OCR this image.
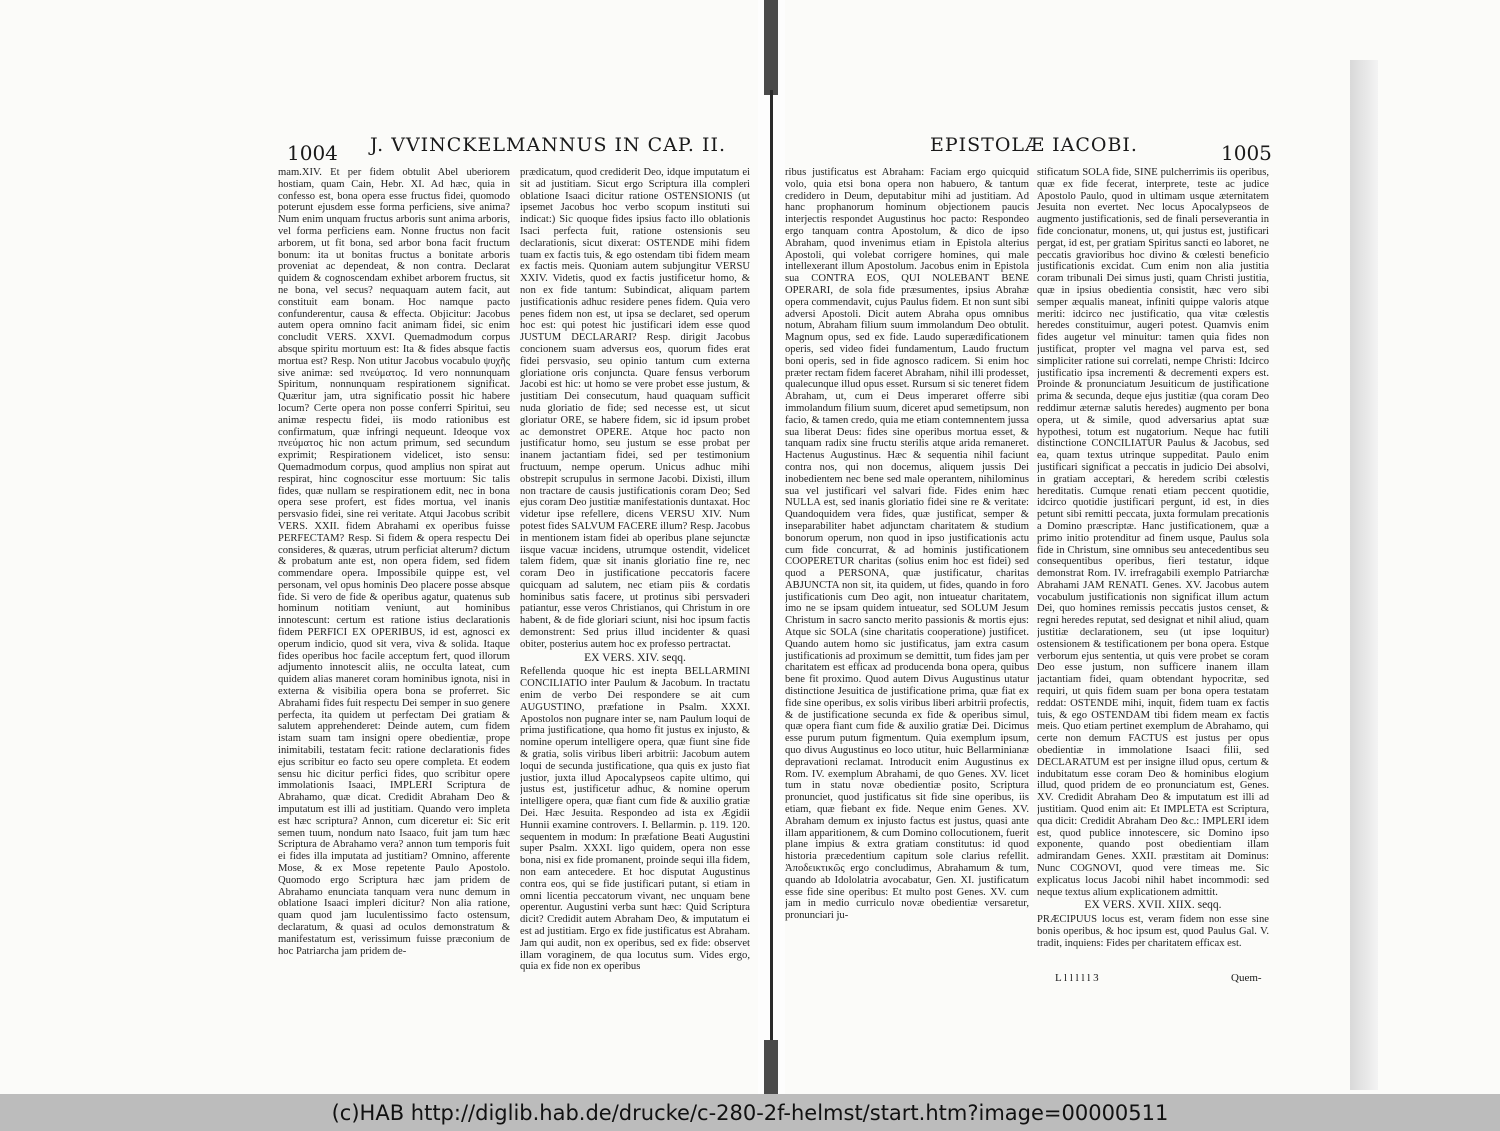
1004 J. VVINCKELMANNUS IN CAP. II.

mam.XIV. Et per fidem obtulit Abel uberiorem hostiam, quam Cain, Hebr. XI. Ad hæc, quia in confesso est, bona opera esse fructus fidei, quomodo poterunt ejusdem esse forma perficiens, sive anima? Num enim unquam fructus arboris sunt anima arboris, vel forma perficiens eam. Nonne fructus non facit arborem, ut fit bona, sed arbor bona facit fructum bonum: ita ut bonitas fructus a bonitate arboris proveniat ac dependeat, & non contra. Declarat quidem & cognoscendam exhibet arborem fructus, sit ne bona, vel secus? nequaquam autem facit, aut constituit eam bonam. Hoc namque pacto confunderentur, causa & effecta. Objicitur: Jacobus autem opera omnino facit animam fidei, sic enim concludit VERS. XXVI. Quemadmodum corpus absque spiritu mortuum est: Ita & fides absque factis mortua est? Resp. Non utitur Jacobus vocabulo ψυχῆς sive animæ: sed πνεύματος. Id vero nonnunquam Spiritum, nonnunquam respirationem significat. Quæritur jam, utra significatio possit hic habere locum? Certe opera non posse conferri Spiritui, seu animæ respectu fidei, iis modo rationibus est confirmatum, quæ infringi nequeunt. Ideoque vox πνεύματος hic non actum primum, sed secundum exprimit; Respirationem videlicet, isto sensu: Quemadmodum corpus, quod amplius non spirat aut respirat, hinc cognoscitur esse mortuum: Sic talis fides, quæ nullam se respirationem edit, nec in bona opera sese profert, est fides mortua, vel inanis persvasio fidei, sine rei veritate. Atqui Jacobus scribit VERS. XXII. fidem Abrahami ex operibus fuisse PERFECTAM? Resp. Si fidem & opera respectu Dei consideres, & quæras, utrum perficiat alterum? dictum & probatum ante est, non opera fidem, sed fidem commendare opera. Impossibile quippe est, vel personam, vel opus hominis Deo placere posse absque fide. Si vero de fide & operibus agatur, quatenus sub hominum notitiam veniunt, aut hominibus innotescunt: certum est ratione istius declarationis fidem PERFICI EX OPERIBUS, id est, agnosci ex operum indicio, quod sit vera, viva & solida. Itaque fides operibus hoc facile acceptum fert, quod illorum adjumento innotescit aliis, ne occulta lateat, cum quidem alias maneret coram hominibus ignota, nisi in externa & visibilia opera bona se proferret. Sic Abrahami fides fuit respectu Dei semper in suo genere perfecta, ita quidem ut perfectam Dei gratiam & salutem apprehenderet: Deinde autem, cum fidem istam suam tam insigni opere obedientiæ, prope inimitabili, testatam fecit: ratione declarationis fides ejus scribitur eo facto seu opere completa. Et eodem sensu hic dicitur perfici fides, quo scribitur opere immolationis Isaaci, IMPLERI Scriptura de Abrahamo, quæ dicat. Credidit Abraham Deo & imputatum est illi ad justitiam. Quando vero impleta est hæc scriptura? Annon, cum diceretur ei: Sic erit semen tuum, nondum nato Isaaco, fuit jam tum hæc Scriptura de Abrahamo vera? annon tum temporis fuit ei fides illa imputata ad justitiam? Omnino, afferente Mose, & ex Mose repetente Paulo Apostolo. Quomodo ergo Scriptura hæc jam pridem de Abrahamo enunciata tanquam vera nunc demum in oblatione Isaaci impleri dicitur? Non alia ratione, quam quod jam luculentissimo facto ostensum, declaratum, & quasi ad oculos demonstratum & manifestatum est, verissimum fuisse præconium de hoc Patriarcha jam pridem de-

prædicatum, quod crediderit Deo, idque imputatum ei sit ad justitiam. Sicut ergo Scriptura illa compleri oblatione Isaaci dicitur ratione OSTENSIONIS (ut ipsemet Jacobus hoc verbo scopum instituti sui indicat:) Sic quoque fides ipsius facto illo oblationis Isaci perfecta fuit, ratione ostensionis seu declarationis, sicut dixerat: OSTENDE mihi fidem tuam ex factis tuis, & ego ostendam tibi fidem meam ex factis meis. Quoniam autem subjungitur VERSU XXIV. Videtis, quod ex factis justificetur homo, & non ex fide tantum: Subindicat, aliquam partem justificationis adhuc residere penes fidem. Quia vero penes fidem non est, ut ipsa se declaret, sed operum hoc est: qui potest hic justificari idem esse quod JUSTUM DECLARARI? Resp. dirigit Jacobus concionem suam adversus eos, quorum fides erat fidei persvasio, seu opinio tantum cum externa gloriatione oris conjuncta. Quare fensus verborum Jacobi est hic: ut homo se vere probet esse justum, & justitiam Dei consecutum, haud quaquam sufficit nuda gloriatio de fide; sed necesse est, ut sicut gloriatur ORE, se habere fidem, sic id ipsum probet ac demonstret OPERE. Atque hoc pacto non justificatur homo, seu justum se esse probat per inanem jactantiam fidei, sed per testimonium fructuum, nempe operum. Unicus adhuc mihi obstrepit scrupulus in sermone Jacobi. Dixisti, illum non tractare de causis justificationis coram Deo; Sed ejus coram Deo justitiæ manifestationis duntaxat. Hoc videtur ipse refellere, dicens VERSU XIV. Num potest fides SALVUM FACERE illum? Resp. Jacobus in mentionem istam fidei ab operibus plane sejunctæ iisque vacuæ incidens, utrumque ostendit, videlicet talem fidem, quæ sit inanis gloriatio fine re, nec coram Deo in justificatione peccatoris facere quicquam ad salutem, nec etiam piis & cordatis hominibus satis facere, ut protinus sibi persvaderi patiantur, esse veros Christianos, qui Christum in ore habent, & de fide gloriari sciunt, nisi hoc ipsum factis demonstrent: Sed prius illud incidenter & quasi obiter, posterius autem hoc ex professo pertractat.

EX VERS. XIV. seqq.

Refellenda quoque hic est inepta BELLARMINI CONCILIATIO inter Paulum & Jacobum. In tractatu enim de verbo Dei respondere se ait cum AUGUSTINO, præfatione in Psalm. XXXI. Apostolos non pugnare inter se, nam Paulum loqui de prima justificatione, qua homo fit justus ex injusto, & nomine operum intelligere opera, quæ fiunt sine fide & gratia, solis viribus liberi arbitrii: Jacobum autem loqui de secunda justificatione, qua quis ex justo fiat justior, juxta illud Apocalypseos capite ultimo, qui justus est, justificetur adhuc, & nomine operum intelligere opera, quæ fiant cum fide & auxilio gratiæ Dei. Hæc Jesuita. Respondeo ad ista ex Ægidii Hunnii examine controvers. I. Bellarmin. p. 119. 120. sequentem in modum: In præfatione Beati Augustini super Psalm. XXXI. ligo quidem, opera non esse bona, nisi ex fide promanent, proinde sequi illa fidem, non eam antecedere. Et hoc disputat Augustinus contra eos, qui se fide justificari putant, si etiam in omni licentia peccatorum vivant, nec unquam bene operentur. Augustini verba sunt hæc: Quid Scriptura dicit? Credidit autem Abraham Deo, & imputatum ei est ad justitiam. Ergo ex fide justificatus est Abraham. Jam qui audit, non ex operibus, sed ex fide: observet illam voraginem, de qua locutus sum. Vides ergo, quia ex fide non ex operibus

EPISTOLÆ IACOBI.	1005

ribus justificatus est Abraham: Faciam ergo quicquid volo, quia etsi bona opera non habuero, & tantum credidero in Deum, deputabitur mihi ad justitiam. Ad hanc prophanorum hominum objectionem paucis interjectis respondet Augustinus hoc pacto: Respondeo ergo tanquam contra Apostolum, & dico de ipso Abraham, quod invenimus etiam in Epistola alterius Apostoli, qui volebat corrigere homines, qui male intellexerant illum Apostolum. Jacobus enim in Epistola sua CONTRA EOS, QUI NOLEBANT BENE OPERARI, de sola fide præsumentes, ipsius Abrahæ opera commendavit, cujus Paulus fidem. Et non sunt sibi adversi Apostoli. Dicit autem Abraha opus omnibus notum, Abraham filium suum immolandum Deo obtulit. Magnum opus, sed ex fide. Laudo superædificationem operis, sed video fidei fundamentum, Laudo fructum boni operis, sed in fide agnosco radicem. Si enim hoc præter rectam fidem faceret Abraham, nihil illi prodesset, qualecunque illud opus esset. Rursum si sic teneret fidem Abraham, ut, cum ei Deus imperaret offerre sibi immolandum filium suum, diceret apud semetipsum, non facio, & tamen credo, quia me etiam contemnentem jussa sua liberat Deus: fides sine operibus mortua esset, & tanquam radix sine fructu sterilis atque arida remaneret. Hactenus Augustinus. Hæc & sequentia nihil faciunt contra nos, qui non docemus, aliquem jussis Dei inobedientem nec bene sed male operantem, nihilominus sua vel justificari vel salvari fide. Fides enim hæc NULLA est, sed inanis gloriatio fidei sine re & veritate: Quandoquidem vera fides, quæ justificat, semper & inseparabiliter habet adjunctam charitatem & studium bonorum operum, non quod in ipso justificationis actu cum fide concurrat, & ad hominis justificationem COOPERETUR charitas (solius enim hoc est fidei) sed quod a PERSONA, quæ justificatur, charitas ABJUNCTA non sit, ita quidem, ut fides, quando in foro justificationis cum Deo agit, non intueatur charitatem, imo ne se ipsam quidem intueatur, sed SOLUM Jesum Christum in sacro sancto merito passionis & mortis ejus: Atque sic SOLA (sine charitatis cooperatione) justificet. Quando autem homo sic justificatus, jam extra casum justificationis ad proximum se demittit, tum fides jam per charitatem est efficax ad producenda bona opera, quibus bene fit proximo. Quod autem Divus Augustinus utatur distinctione Jesuitica de justificatione prima, quæ fiat ex fide sine operibus, ex solis viribus liberi arbitrii profectis, & de justificatione secunda ex fide & operibus simul, quæ opera fiant cum fide & auxilio gratiæ Dei. Dicimus esse purum putum figmentum. Quia exemplum ipsum, quo divus Augustinus eo loco utitur, huic Bellarminianæ depravationi reclamat. Introducit enim Augustinus ex Rom. IV. exemplum Abrahami, de quo Genes. XV. licet tum in statu novæ obedientiæ posito, Scriptura pronunciet, quod justificatus sit fide sine operibus, iis etiam, quæ fiebant ex fide. Neque enim Genes. XV. Abraham demum ex injusto factus est justus, quasi ante illam apparitionem, & cum Domino collocutionem, fuerit plane impius & extra gratiam constitutus: id quod historia præcedentium capitum sole clarius refellit. Ἀποδεικτικῶς ergo concludimus, Abrahamum & tum, quando ab Idololatria avocabatur, Gen. XI. justificatum esse fide sine operibus: Et multo post Genes. XV. cum jam in medio curriculo novæ obedientiæ versaretur, pronunciari ju-

stificatum SOLA fide, SINE pulcherrimis iis operibus, quæ ex fide fecerat, interprete, teste ac judice Apostolo Paulo, quod in ultimam usque æternitatem Jesuita non evertet. Nec locus Apocalypseos de augmento justificationis, sed de finali perseverantia in fide concionatur, monens, ut, qui justus est, justificari pergat, id est, per gratiam Spiritus sancti eo laboret, ne peccatis gravioribus hoc divino & cœlesti beneficio justificationis excidat. Cum enim non alia justitia coram tribunali Dei simus justi, quam Christi justitia, quæ in ipsius obedientia consistit, hæc vero sibi semper æqualis maneat, infiniti quippe valoris atque meriti: idcirco nec justificatio, qua vitæ cœlestis heredes constituimur, augeri potest. Quamvis enim fides augetur vel minuitur: tamen quia fides non justificat, propter vel magna vel parva est, sed simpliciter ratione sui correlati, nempe Christi: Idcirco justificatio ipsa incrementi & decrementi expers est. Proinde & pronunciatum Jesuiticum de justificatione prima & secunda, deque ejus justitiæ (qua coram Deo reddimur æternæ salutis heredes) augmento per bona opera, ut & simile, quod adversarius aptat suæ hypothesi, totum est nugatorium. Neque hac futili distinctione CONCILIATUR Paulus & Jacobus, sed ea, quam textus utrinque suppeditat. Paulo enim justificari significat a peccatis in judicio Dei absolvi, in gratiam acceptari, & heredem scribi cœlestis hereditatis. Cumque renati etiam peccent quotidie, idcirco quotidie justificari pergunt, id est, in dies petunt sibi remitti peccata, juxta formulam precationis a Domino præscriptæ. Hanc justificationem, quæ a primo initio protenditur ad finem usque, Paulus sola fide in Christum, sine omnibus seu antecedentibus seu consequentibus operibus, fieri testatur, idque demonstrat Rom. IV. irrefragabili exemplo Patriarchæ Abrahami JAM RENATI. Genes. XV. Jacobus autem vocabulum justificationis non significat illum actum Dei, quo homines remissis peccatis justos censet, & regni heredes reputat, sed designat et nihil aliud, quam justitiæ declarationem, seu (ut ipse loquitur) ostensionem & testificationem per bona opera. Estque verborum ejus sententia, ut quis vere probet se coram Deo esse justum, non sufficere inanem illam jactantiam fidei, quam obtendant hypocritæ, sed requiri, ut quis fidem suam per bona opera testatam reddat: OSTENDE mihi, inquit, fidem tuam ex factis tuis, & ego OSTENDAM tibi fidem meam ex factis meis. Quo etiam pertinet exemplum de Abrahamo, qui certe non demum FACTUS est justus per opus obedientiæ in immolatione Isaaci filii, sed DECLARATUM est per insigne illud opus, certum & indubitatum esse coram Deo & hominibus elogium illud, quod pridem de eo pronunciatum est, Genes. XV. Credidit Abraham Deo & imputatum est illi ad justitiam. Quod enim ait: Et IMPLETA est Scriptura, qua dicit: Credidit Abraham Deo &c.: IMPLERI idem est, quod publice innotescere, sic Domino ipso exponente, quando post obedientiam illam admirandam Genes. XXII. præstitam ait Dominus: Nunc COGNOVI, quod vere timeas me. Sic explicatus locus Jacobi nihil habet incommodi: sed neque textus alium explicationem admittit.

EX VERS. XVII. XIIX. seqq.

PRÆCIPUUS locus est, veram fidem non esse sine bonis operibus, & hoc ipsum est, quod Paulus Gal. V. tradit, inquiens: Fides per charitatem efficax est.

L l l l l l 3	Quem-
(c)HAB http://diglib.hab.de/drucke/c-280-2f-helmst/start.htm?image=00000511
